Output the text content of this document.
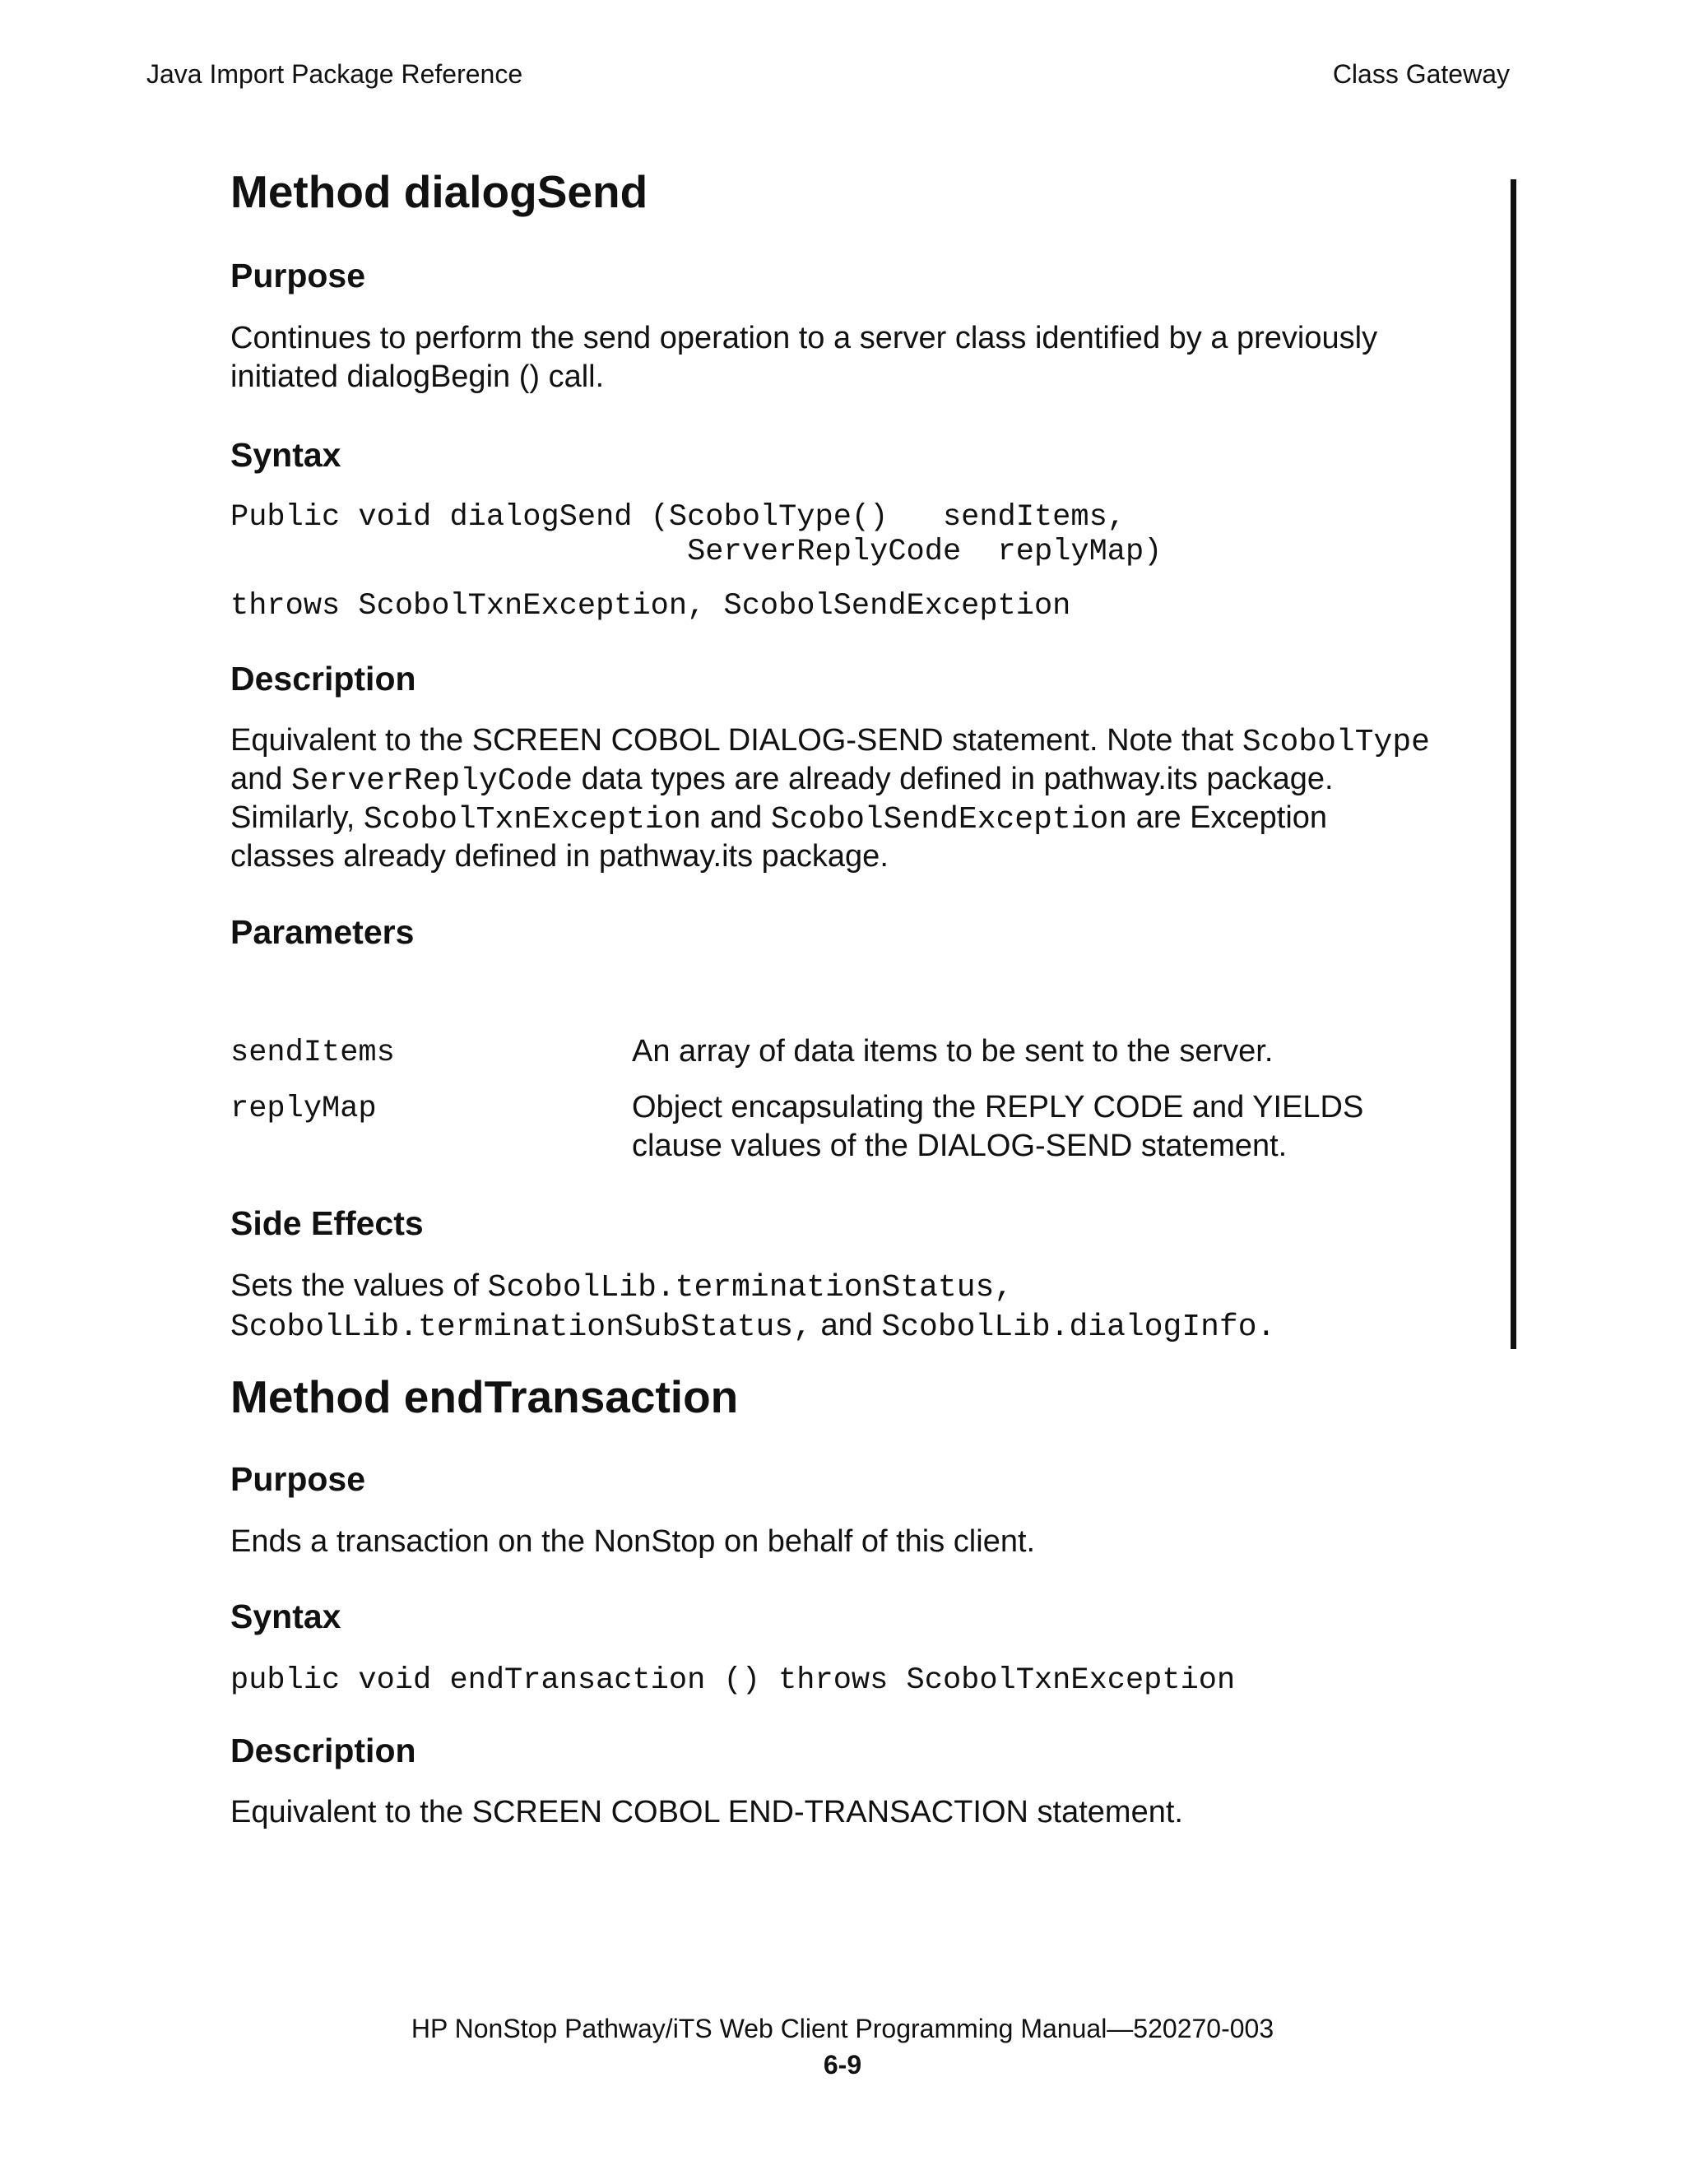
Java Import Package Reference	Class Gateway
Method dialogSend
Purpose

Continues to perform the send operation to a server class identified by a previously

initiated dialogBegin () call.

Syntax
Public void dialogSend (ScobolType()   sendItems,
ServerReplyCode  replyMap)
throws ScobolTxnException, ScobolSendException
Description

Equivalent to the SCREEN COBOL DIALOG-SEND statement. Note that ScobolType

and ServerReplyCode data types are already defined in pathway.its package.

Similarly, ScobolTxnException and ScobolSendException are Exception

classes already defined in pathway.its package.

Parameters
sendItems	An array of data items to be sent to the server.
replyMap	Object encapsulating the REPLY CODE and YIELDS
clause values of the DIALOG-SEND statement.
Side Effects

Sets the values of ScobolLib.terminationStatus,

ScobolLib.terminationSubStatus, and ScobolLib.dialogInfo.

Method endTransaction
Purpose

Ends a transaction on the NonStop on behalf of this client.

Syntax
public void endTransaction () throws ScobolTxnException
Description

Equivalent to the SCREEN COBOL END-TRANSACTION statement.

HP NonStop Pathway/iTS Web Client Programming Manual—520270-003
6-9
